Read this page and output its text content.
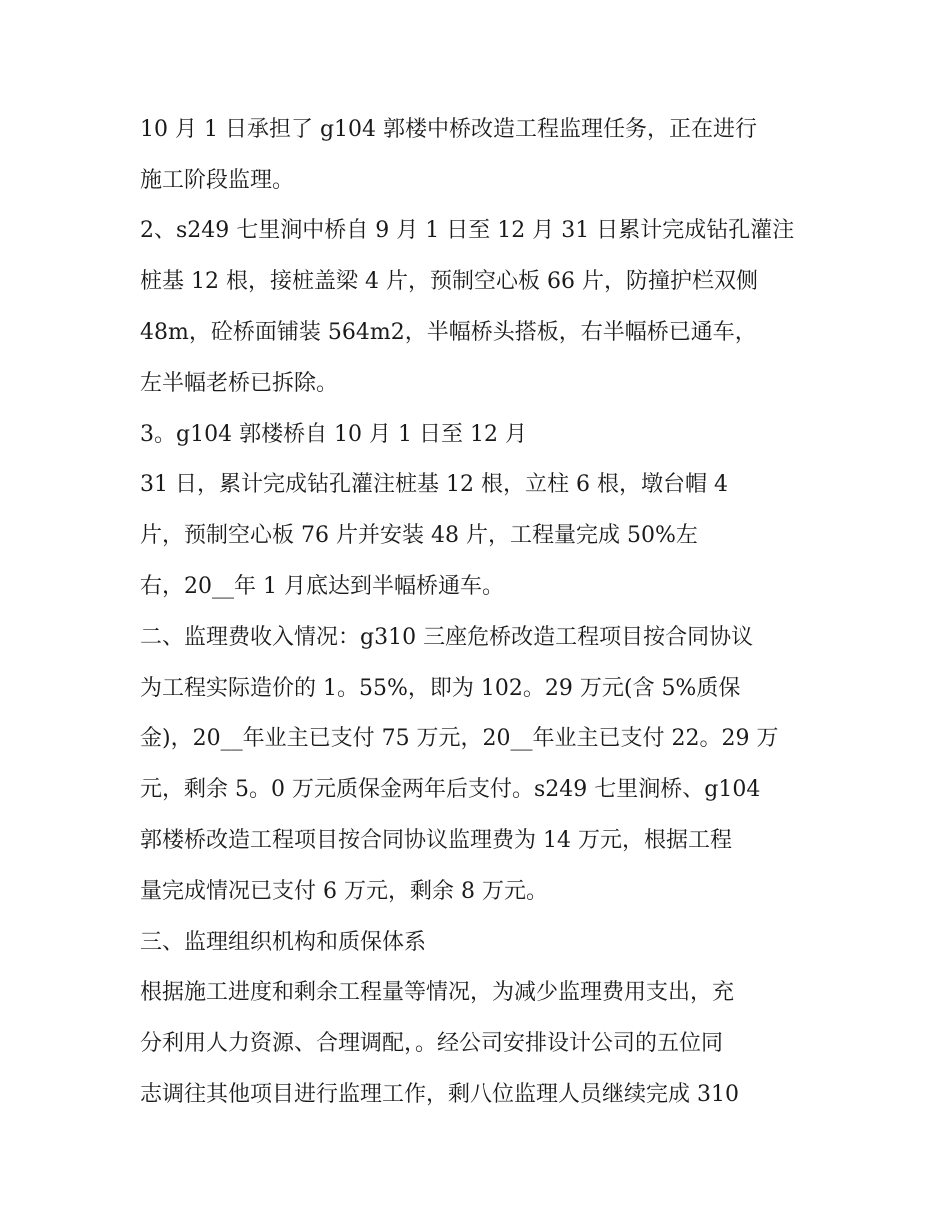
10 月 1 日承担了 g104 郭楼中桥改造工程监理任务，正在进行
施工阶段监理。
2、s249 七里涧中桥自 9 月 1 日至 12 月 31 日累计完成钻孔灌注
桩基 12 根，接桩盖梁 4 片，预制空心板 66 片，防撞护栏双侧
48m，砼桥面铺装 564m2，半幅桥头搭板，右半幅桥已通车，
左半幅老桥已拆除。
3。g104 郭楼桥自 10 月 1 日至 12 月
31 日，累计完成钻孔灌注桩基 12 根，立柱 6 根，墩台帽 4
片，预制空心板 76 片并安装 48 片，工程量完成 50%左
右，20__年 1 月底达到半幅桥通车。
二、监理费收入情况：g310 三座危桥改造工程项目按合同协议
为工程实际造价的 1。55%，即为 102。29 万元(含 5%质保
金)，20__年业主已支付 75 万元，20__年业主已支付 22。29 万
元，剩余 5。0 万元质保金两年后支付。s249 七里涧桥、g104
郭楼桥改造工程项目按合同协议监理费为 14 万元，根据工程
量完成情况已支付 6 万元，剩余 8 万元。
三、监理组织机构和质保体系
根据施工进度和剩余工程量等情况，为减少监理费用支出，充
分利用人力资源、合理调配，。经公司安排设计公司的五位同
志调往其他项目进行监理工作，剩八位监理人员继续完成 310
